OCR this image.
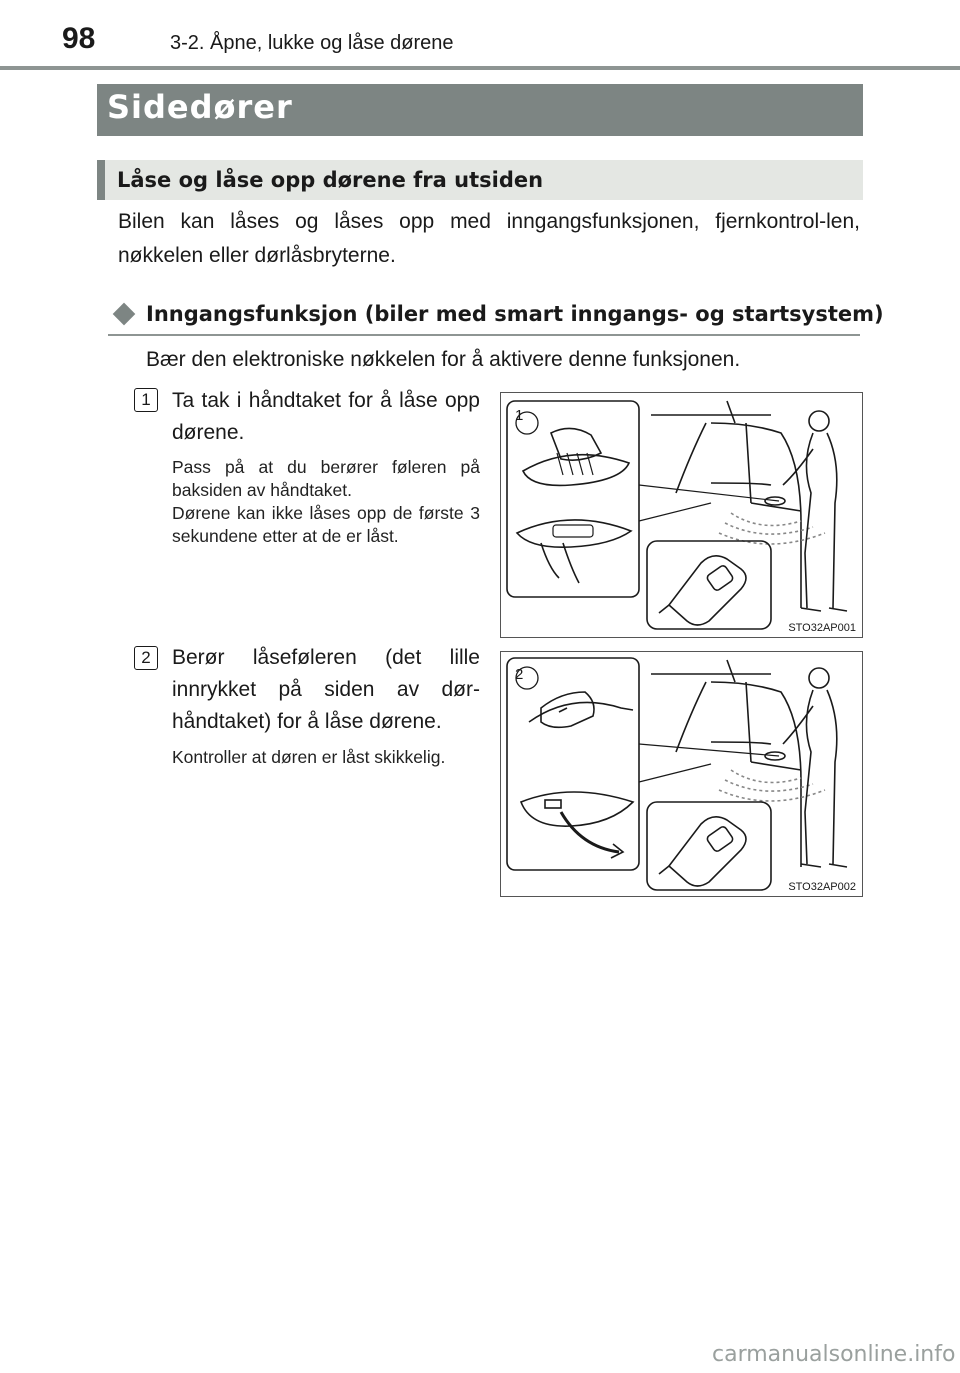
98	3-2. Åpne, lukke og låse dørene
Sidedører
Låse og låse opp dørene fra utsiden
Bilen kan låses og låses opp med inngangsfunksjonen, fjernkontrol-len, nøkkelen eller dørlåsbryterne.
Inngangsfunksjon (biler med smart inngangs- og startsystem)
Bær den elektroniske nøkkelen for å aktivere denne funksjonen.
1	Ta tak i håndtaket for å låse opp dørene.
Pass på at du berører føleren på baksiden av håndtaket.
Dørene kan ikke låses opp de første 3 sekundene etter at de er låst.
1
STO32AP001
2	Berør låseføleren (det lille innrykket på siden av dør-håndtaket) for å låse dørene.
Kontroller at døren er låst skikkelig.
2
STO32AP002
carmanualsonline.info
